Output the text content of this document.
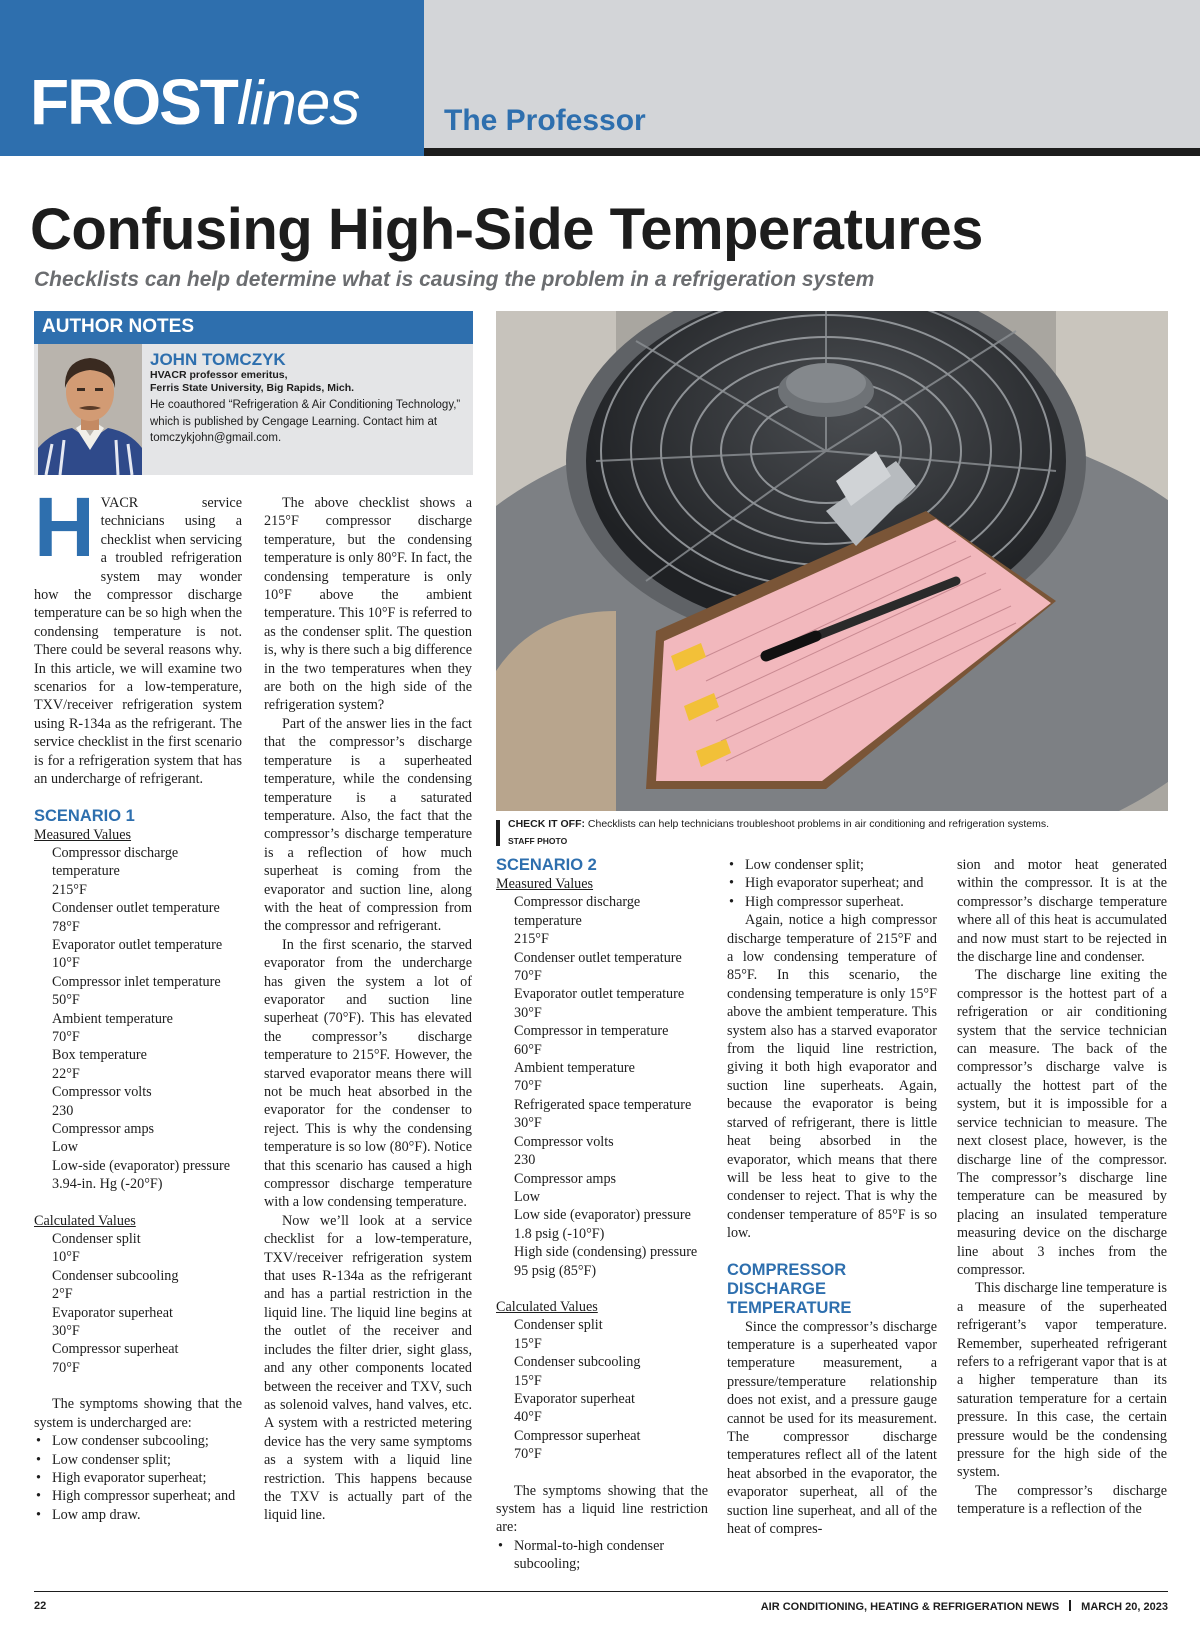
FROSTlines	The Professor
Confusing High-Side Temperatures
Checklists can help determine what is causing the problem in a refrigeration system
AUTHOR NOTES
JOHN TOMCZYK
HVACR professor emeritus,
Ferris State University, Big Rapids, Mich.
He coauthored “Refrigeration & Air Conditioning Technology,” which is published by Cengage Learning. Contact him at tomczykjohn@gmail.com.
CHECK IT OFF: Checklists can help technicians troubleshoot problems in air conditioning and refrigeration systems.
STAFF PHOTO

HVACR service technicians using a checklist when servicing a troubled refrigeration system may wonder how the compressor discharge temperature can be so high when the condensing temperature is not. There could be several reasons why. In this article, we will examine two scenarios for a low-temperature, TXV/receiver refrigeration system using R-134a as the refrigerant. The service checklist in the first scenario is for a refrigeration system that has an undercharge of refrigerant.

SCENARIO 1
Measured Values
Compressor discharge temperature
215°F
Condenser outlet temperature
78°F
Evaporator outlet temperature
10°F
Compressor inlet temperature
50°F
Ambient temperature
70°F
Box temperature
22°F
Compressor volts
230
Compressor amps
Low
Low-side (evaporator) pressure
3.94-in. Hg (-20°F)
Calculated Values
Condenser split
10°F
Condenser subcooling
2°F
Evaporator superheat
30°F
Compressor superheat
70°F

The symptoms showing that the system is undercharged are:

• Low condenser subcooling;
• Low condenser split;
• High evaporator superheat;
• High compressor superheat; and
• Low amp draw.

The above checklist shows a 215°F compressor discharge temperature, but the condensing temperature is only 80°F. In fact, the condensing temperature is only 10°F above the ambient temperature. This 10°F is referred to as the condenser split. The question is, why is there such a big difference in the two temperatures when they are both on the high side of the refrigeration system?

Part of the answer lies in the fact that the compressor’s discharge temperature is a superheated temperature, while the condensing temperature is a saturated temperature. Also, the fact that the compressor’s discharge temperature is a reflection of how much superheat is coming from the evaporator and suction line, along with the heat of compression from the compressor and refrigerant.

In the first scenario, the starved evaporator from the undercharge has given the system a lot of evaporator and suction line superheat (70°F). This has elevated the compressor’s discharge temperature to 215°F. However, the starved evaporator means there will not be much heat absorbed in the evaporator for the condenser to reject. This is why the condensing temperature is so low (80°F). Notice that this scenario has caused a high compressor discharge temperature with a low condensing temperature.

Now we’ll look at a service checklist for a low-temperature, TXV/receiver refrigeration system that uses R-134a as the refrigerant and has a partial restriction in the liquid line. The liquid line begins at the outlet of the receiver and includes the filter drier, sight glass, and any other components located between the receiver and TXV, such as solenoid valves, hand valves, etc. A system with a restricted metering device has the very same symptoms as a system with a liquid line restriction. This happens because the TXV is actually part of the liquid line.

SCENARIO 2
Measured Values
Compressor discharge temperature
215°F
Condenser outlet temperature
70°F
Evaporator outlet temperature
30°F
Compressor in temperature
60°F
Ambient temperature
70°F
Refrigerated space temperature
30°F
Compressor volts
230
Compressor amps
Low
Low side (evaporator) pressure
1.8 psig (-10°F)
High side (condensing) pressure
95 psig (85°F)
Calculated Values
Condenser split
15°F
Condenser subcooling
15°F
Evaporator superheat
40°F
Compressor superheat
70°F

The symptoms showing that the system has a liquid line restriction are:

• Normal-to-high condenser subcooling;
• Low condenser split;
• High evaporator superheat; and
• High compressor superheat.

Again, notice a high compressor discharge temperature of 215°F and a low condensing temperature of 85°F. In this scenario, the condensing temperature is only 15°F above the ambient temperature. This system also has a starved evaporator from the liquid line restriction, giving it both high evaporator and suction line superheats. Again, because the evaporator is being starved of refrigerant, there is little heat being absorbed in the evaporator, which means that there will be less heat to give to the condenser to reject. That is why the condenser temperature of 85°F is so low.

COMPRESSOR DISCHARGE TEMPERATURE

Since the compressor’s discharge temperature is a superheated vapor temperature measurement, a pressure/temperature relationship does not exist, and a pressure gauge cannot be used for its measurement. The compressor discharge temperatures reflect all of the latent heat absorbed in the evaporator, the evaporator superheat, all of the suction line superheat, and all of the heat of compres-

sion and motor heat generated within the compressor. It is at the compressor’s discharge temperature where all of this heat is accumulated and now must start to be rejected in the discharge line and condenser.

The discharge line exiting the compressor is the hottest part of a refrigeration or air conditioning system that the service technician can measure. The back of the compressor’s discharge valve is actually the hottest part of the system, but it is impossible for a service technician to measure. The next closest place, however, is the discharge line of the compressor. The compressor’s discharge line temperature can be measured by placing an insulated temperature measuring device on the discharge line about 3 inches from the compressor.

This discharge line temperature is a measure of the superheated refrigerant’s vapor temperature. Remember, superheated refrigerant refers to a refrigerant vapor that is at a higher temperature than its saturation temperature for a certain pressure. In this case, the certain pressure would be the condensing pressure for the high side of the system.

The compressor’s discharge temperature is a reflection of the

22	AIR CONDITIONING, HEATING & REFRIGERATION NEWS MARCH 20, 2023
